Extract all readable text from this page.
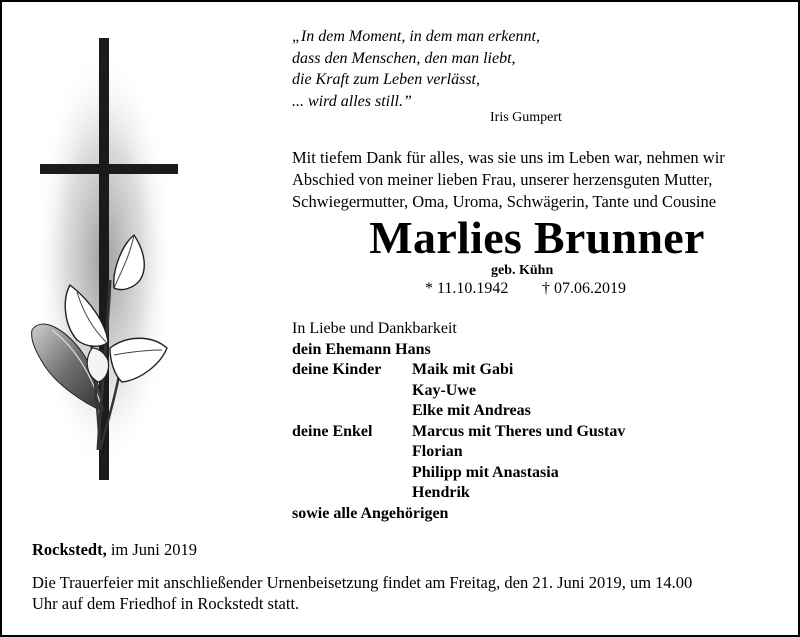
„In dem Moment, in dem man erkennt,
dass den Menschen, den man liebt,
die Kraft zum Leben verlässt,
... wird alles still.”
Iris Gumpert
Mit tiefem Dank für alles, was sie uns im Leben war, nehmen wir
Abschied von meiner lieben Frau, unserer herzensguten Mutter,
Schwiegermutter, Oma, Uroma, Schwägerin, Tante und Cousine
Marlies Brunner
geb. Kühn
* 11.10.1942 † 07.06.2019
In Liebe und Dankbarkeit
dein Ehemann Hans
deine Kinder Maik mit Gabi
Kay-Uwe
Elke mit Andreas
deine Enkel Marcus mit Theres und Gustav
Florian
Philipp mit Anastasia
Hendrik
sowie alle Angehörigen
Rockstedt, im Juni 2019
Die Trauerfeier mit anschließender Urnenbeisetzung findet am Freitag, den 21. Juni 2019, um 14.00
Uhr auf dem Friedhof in Rockstedt statt.
